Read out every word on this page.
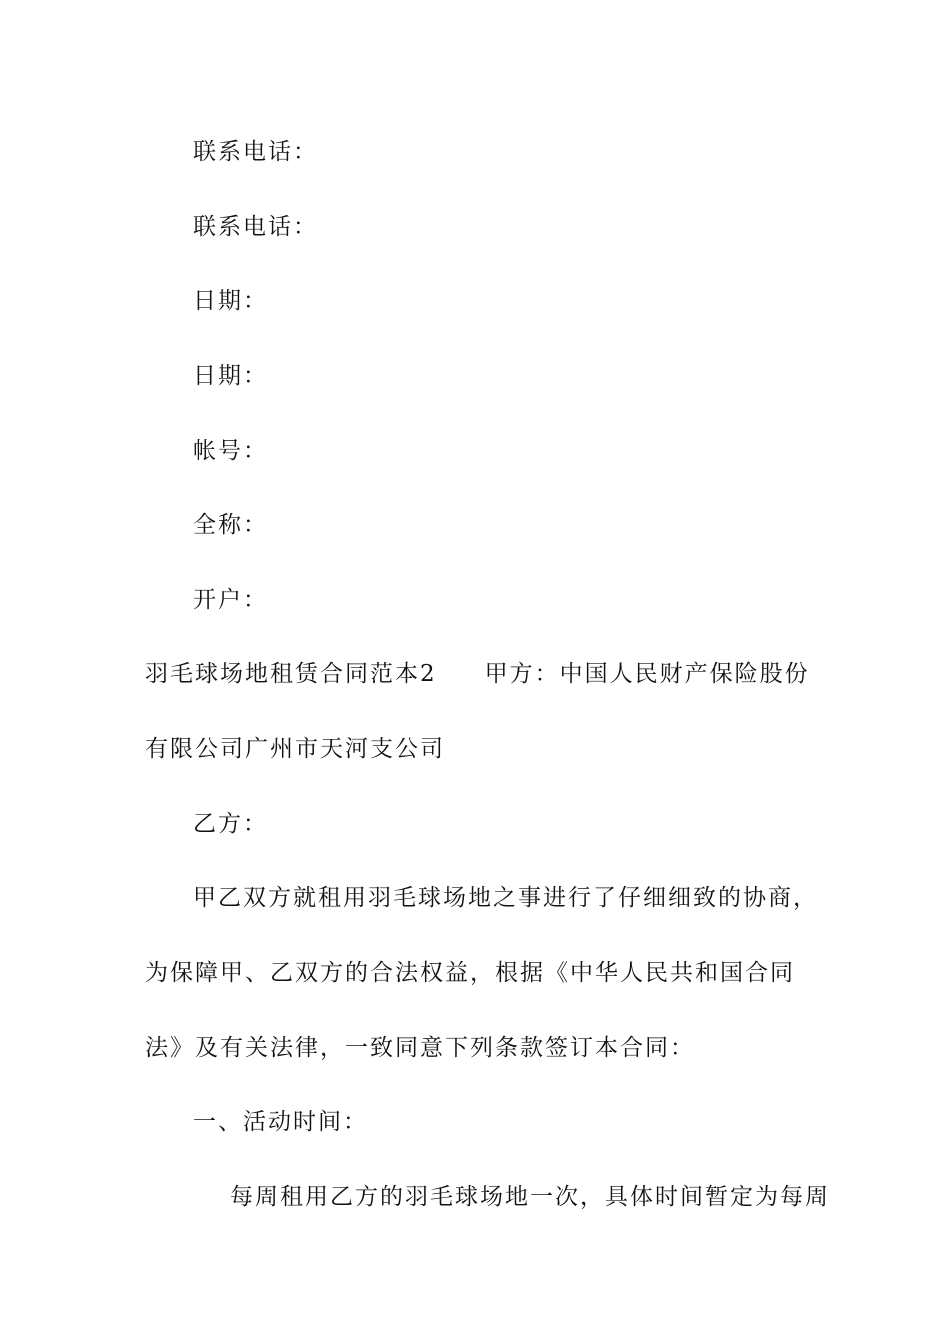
联系电话：
联系电话：
日期：
日期：
帐号：
全称：
开户：
羽毛球场地租赁合同范本2 甲方：中国人民财产保险股份
有限公司广州市天河支公司
乙方：
甲乙双方就租用羽毛球场地之事进行了仔细细致的协商，
为保障甲、乙双方的合法权益，根据《中华人民共和国合同
法》及有关法律，一致同意下列条款签订本合同：
一、活动时间：
每周租用乙方的羽毛球场地一次，具体时间暂定为每周
